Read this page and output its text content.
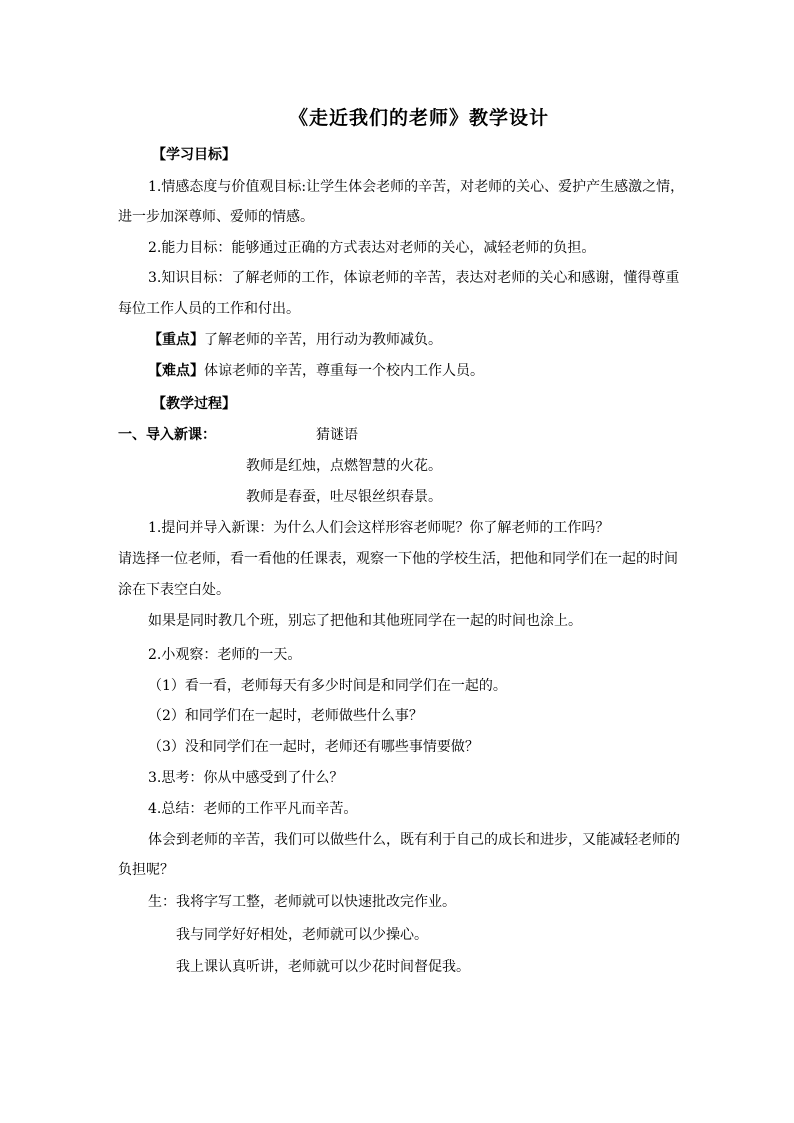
《走近我们的老师》教学设计
【学习目标】
1.情感态度与价值观目标:让学生体会老师的辛苦，对老师的关心、爱护产生感激之情，
进一步加深尊师、爱师的情感。
2.能力目标：能够通过正确的方式表达对老师的关心，减轻老师的负担。
3.知识目标：了解老师的工作，体谅老师的辛苦，表达对老师的关心和感谢，懂得尊重
每位工作人员的工作和付出。
【重点】了解老师的辛苦，用行动为教师减负。
【难点】体谅老师的辛苦，尊重每一个校内工作人员。
【教学过程】
一、导入新课：	猜谜语
教师是红烛，点燃智慧的火花。
教师是春蚕，吐尽银丝织春景。
1.提问并导入新课：为什么人们会这样形容老师呢？你了解老师的工作吗？
请选择一位老师，看一看他的任课表，观察一下他的学校生活，把他和同学们在一起的时间
涂在下表空白处。
如果是同时教几个班，别忘了把他和其他班同学在一起的时间也涂上。
2.小观察：老师的一天。
（1）看一看，老师每天有多少时间是和同学们在一起的。
（2）和同学们在一起时，老师做些什么事？
（3）没和同学们在一起时，老师还有哪些事情要做？
3.思考：你从中感受到了什么？
4.总结：老师的工作平凡而辛苦。
体会到老师的辛苦，我们可以做些什么，既有利于自己的成长和进步，又能减轻老师的
负担呢？
生：我将字写工整，老师就可以快速批改完作业。
我与同学好好相处，老师就可以少操心。
我上课认真听讲，老师就可以少花时间督促我。
